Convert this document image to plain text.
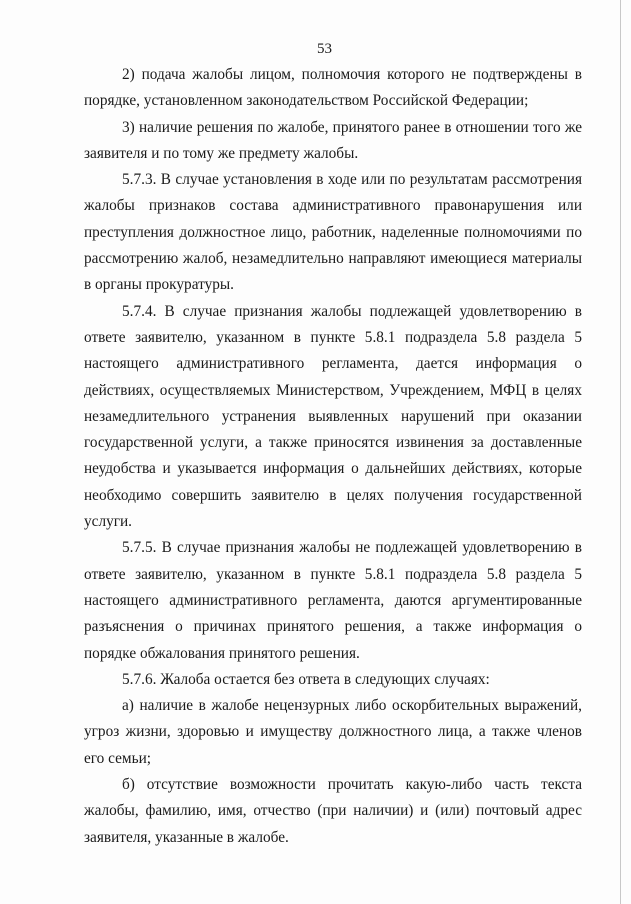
53

2) подача жалобы лицом, полномочия которого не подтверждены в порядке, установленном законодательством Российской Федерации;

3) наличие решения по жалобе, принятого ранее в отношении того же заявителя и по тому же предмету жалобы.

5.7.3. В случае установления в ходе или по результатам рассмотрения жалобы признаков состава административного правонарушения или преступления должностное лицо, работник, наделенные полномочиями по рассмотрению жалоб, незамедлительно направляют имеющиеся материалы в органы прокуратуры.

5.7.4. В случае признания жалобы подлежащей удовлетворению в ответе заявителю, указанном в пункте 5.8.1 подраздела 5.8 раздела 5 настоящего административного регламента, дается информация о действиях, осуществляемых Министерством, Учреждением, МФЦ в целях незамедлительного устранения выявленных нарушений при оказании государственной услуги, а также приносятся извинения за доставленные неудобства и указывается информация о дальнейших действиях, которые необходимо совершить заявителю в целях получения государственной услуги.

5.7.5. В случае признания жалобы не подлежащей удовлетворению в ответе заявителю, указанном в пункте 5.8.1 подраздела 5.8 раздела 5 настоящего административного регламента, даются аргументированные разъяснения о причинах принятого решения, а также информация о порядке обжалования принятого решения.

5.7.6. Жалоба остается без ответа в следующих случаях:

а) наличие в жалобе нецензурных либо оскорбительных выражений, угроз жизни, здоровью и имуществу должностного лица, а также членов его семьи;

б) отсутствие возможности прочитать какую-либо часть текста жалобы, фамилию, имя, отчество (при наличии) и (или) почтовый адрес заявителя, указанные в жалобе.
